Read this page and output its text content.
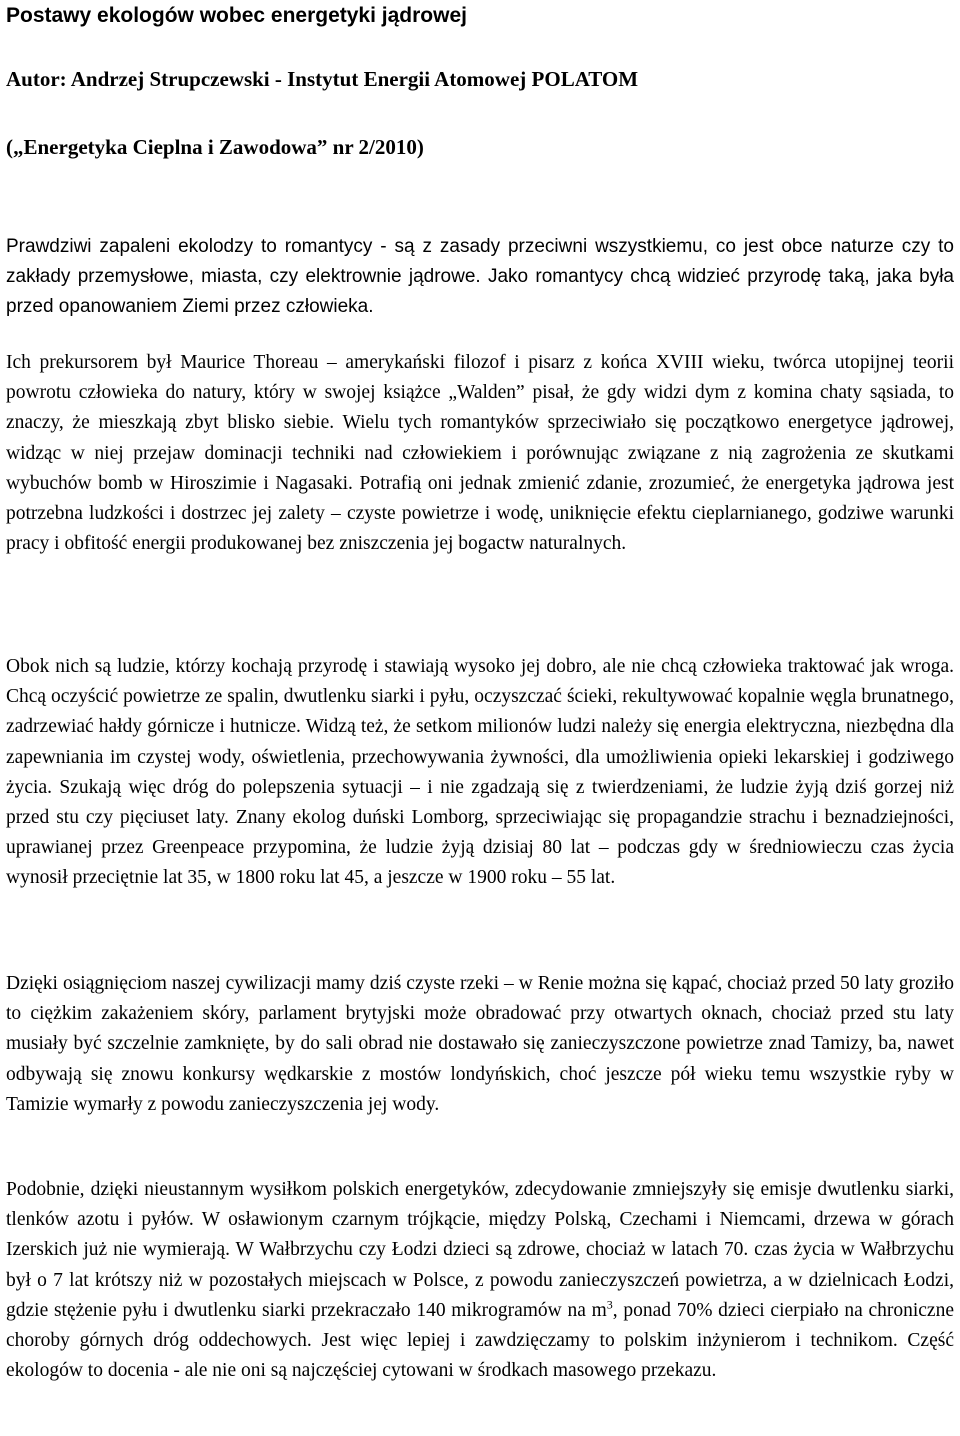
Postawy ekologów wobec energetyki jądrowej

Autor: Andrzej Strupczewski - Instytut Energii Atomowej POLATOM

(„Energetyka Cieplna i Zawodowa” nr 2/2010)

Prawdziwi zapaleni ekolodzy to romantycy - są z zasady przeciwni wszystkiemu, co jest obce naturze czy to zakłady przemysłowe, miasta, czy elektrownie jądrowe. Jako romantycy chcą widzieć przyrodę taką, jaka była przed opanowaniem Ziemi przez człowieka.

Ich prekursorem był Maurice Thoreau – amerykański filozof i pisarz z końca XVIII wieku, twórca utopijnej teorii powrotu człowieka do natury, który w swojej książce „Walden” pisał, że gdy widzi dym z komina chaty sąsiada, to znaczy, że mieszkają zbyt blisko siebie. Wielu tych romantyków sprzeciwiało się początkowo energetyce jądrowej, widząc w niej przejaw dominacji techniki nad człowiekiem i porównując związane z nią zagrożenia ze skutkami wybuchów bomb w Hiroszimie i Nagasaki. Potrafią oni jednak zmienić zdanie, zrozumieć, że energetyka jądrowa jest potrzebna ludzkości i dostrzec jej zalety – czyste powietrze i wodę, uniknięcie efektu cieplarnianego, godziwe warunki pracy i obfitość energii produkowanej bez zniszczenia jej bogactw naturalnych.

Obok nich są ludzie, którzy kochają przyrodę i stawiają wysoko jej dobro, ale nie chcą człowieka traktować jak wroga. Chcą oczyścić powietrze ze spalin, dwutlenku siarki i pyłu, oczyszczać ścieki, rekultywować kopalnie węgla brunatnego, zadrzewiać hałdy górnicze i hutnicze. Widzą też, że setkom milionów ludzi należy się energia elektryczna, niezbędna dla zapewniania im czystej wody, oświetlenia, przechowywania żywności, dla umożliwienia opieki lekarskiej i godziwego życia. Szukają więc dróg do polepszenia sytuacji – i nie zgadzają się z twierdzeniami, że ludzie żyją dziś gorzej niż przed stu czy pięciuset laty. Znany ekolog duński Lomborg, sprzeciwiając się propagandzie strachu i beznadziejności, uprawianej przez Greenpeace przypomina, że ludzie żyją dzisiaj 80 lat – podczas gdy w średniowieczu czas życia wynosił przeciętnie lat 35, w 1800 roku lat 45, a jeszcze w 1900 roku – 55 lat.

Dzięki osiągnięciom naszej cywilizacji mamy dziś czyste rzeki – w Renie można się kąpać, chociaż przed 50 laty groziło to ciężkim zakażeniem skóry, parlament brytyjski może obradować przy otwartych oknach, chociaż przed stu laty musiały być szczelnie zamknięte, by do sali obrad nie dostawało się zanieczyszczone powietrze znad Tamizy, ba, nawet odbywają się znowu konkursy wędkarskie z mostów londyńskich, choć jeszcze pół wieku temu wszystkie ryby w Tamizie wymarły z powodu zanieczyszczenia jej wody.

Podobnie, dzięki nieustannym wysiłkom polskich energetyków, zdecydowanie zmniejszyły się emisje dwutlenku siarki, tlenków azotu i pyłów. W osławionym czarnym trójkącie, między Polską, Czechami i Niemcami, drzewa w górach Izerskich już nie wymierają. W Wałbrzychu czy Łodzi dzieci są zdrowe, chociaż w latach 70. czas życia w Wałbrzychu był o 7 lat krótszy niż w pozostałych miejscach w Polsce, z powodu zanieczyszczeń powietrza, a w dzielnicach Łodzi, gdzie stężenie pyłu i dwutlenku siarki przekraczało 140 mikrogramów na $m^3$, ponad 70% dzieci cierpiało na chroniczne choroby górnych dróg oddechowych. Jest więc lepiej i zawdzięczamy to polskim inżynierom i technikom. Część ekologów to docenia - ale nie oni są najczęściej cytowani w środkach masowego przekazu.
